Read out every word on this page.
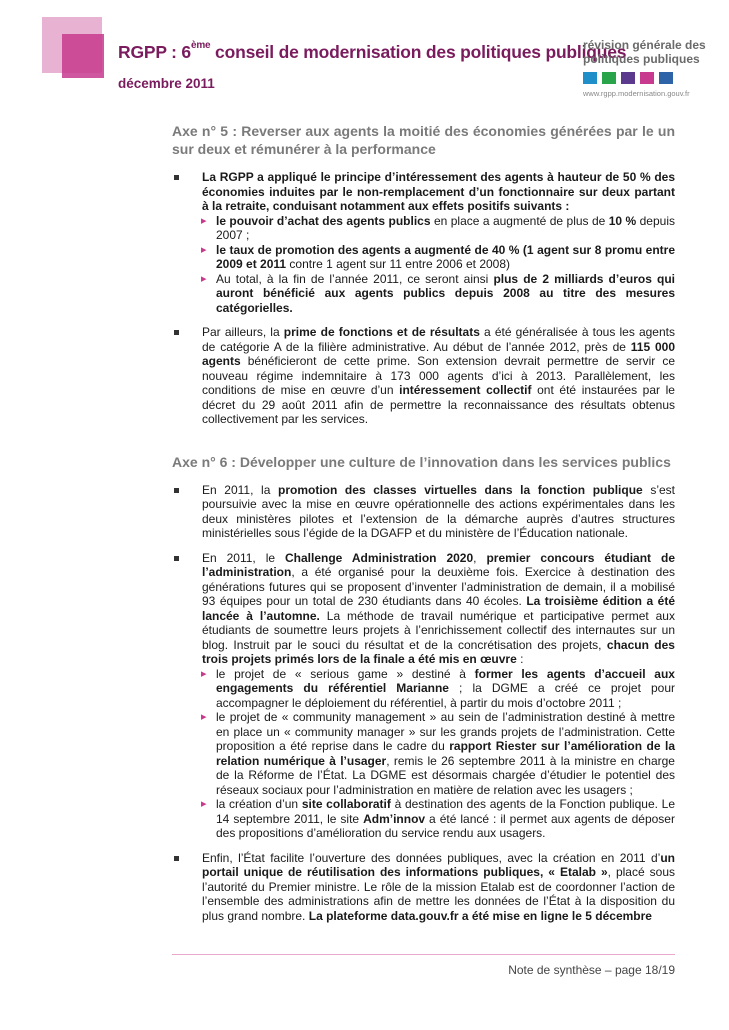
RGPP : 6ème conseil de modernisation des politiques publiques
décembre 2011
révision générale des
politiques publiques
www.rgpp.modernisation.gouv.fr
Axe n° 5 : Reverser aux agents la moitié des économies générées par le un sur deux et rémunérer à la performance
La RGPP a appliqué le principe d’intéressement des agents à hauteur de 50 % des économies induites par le non-remplacement d’un fonctionnaire sur deux partant à la retraite, conduisant notamment aux effets positifs suivants :
▸ le pouvoir d’achat des agents publics en place a augmenté de plus de 10 % depuis 2007 ;
▸ le taux de promotion des agents a augmenté de 40 % (1 agent sur 8 promu entre 2009 et 2011 contre 1 agent sur 11 entre 2006 et 2008)
▸ Au total, à la fin de l’année 2011, ce seront ainsi plus de 2 milliards d’euros qui auront bénéficié aux agents publics depuis 2008 au titre des mesures catégorielles.
Par ailleurs, la prime de fonctions et de résultats a été généralisée à tous les agents de catégorie A de la filière administrative. Au début de l’année 2012, près de 115 000 agents bénéficieront de cette prime. Son extension devrait permettre de servir ce nouveau régime indemnitaire à 173 000 agents d’ici à 2013. Parallèlement, les conditions de mise en œuvre d’un intéressement collectif ont été instaurées par le décret du 29 août 2011 afin de permettre la reconnaissance des résultats obtenus collectivement par les services.
Axe n° 6 : Développer une culture de l’innovation dans les services publics
En 2011, la promotion des classes virtuelles dans la fonction publique s’est poursuivie avec la mise en œuvre opérationnelle des actions expérimentales dans les deux ministères pilotes et l’extension de la démarche auprès d’autres structures ministérielles sous l’égide de la DGAFP et du ministère de l’Éducation nationale.
En 2011, le Challenge Administration 2020, premier concours étudiant de l’administration, a été organisé pour la deuxième fois. Exercice à destination des générations futures qui se proposent d’inventer l’administration de demain, il a mobilisé 93 équipes pour un total de 230 étudiants dans 40 écoles. La troisième édition a été lancée à l’automne. La méthode de travail numérique et participative permet aux étudiants de soumettre leurs projets à l’enrichissement collectif des internautes sur un blog. Instruit par le souci du résultat et de la concrétisation des projets, chacun des trois projets primés lors de la finale a été mis en œuvre :
▸ le projet de « serious game » destiné à former les agents d’accueil aux engagements du référentiel Marianne ; la DGME a créé ce projet pour accompagner le déploiement du référentiel, à partir du mois d’octobre 2011 ;
▸ le projet de « community management » au sein de l’administration destiné à mettre en place un « community manager » sur les grands projets de l’administration. Cette proposition a été reprise dans le cadre du rapport Riester sur l’amélioration de la relation numérique à l’usager, remis le 26 septembre 2011 à la ministre en charge de la Réforme de l’État. La DGME est désormais chargée d’étudier le potentiel des réseaux sociaux pour l’administration en matière de relation avec les usagers ;
▸ la création d’un site collaboratif à destination des agents de la Fonction publique. Le 14 septembre 2011, le site Adm’innov a été lancé : il permet aux agents de déposer des propositions d’amélioration du service rendu aux usagers.
Enfin, l’État facilite l’ouverture des données publiques, avec la création en 2011 d’un portail unique de réutilisation des informations publiques, « Etalab », placé sous l’autorité du Premier ministre. Le rôle de la mission Etalab est de coordonner l’action de l’ensemble des administrations afin de mettre les données de l’État à la disposition du plus grand nombre. La plateforme data.gouv.fr a été mise en ligne le 5 décembre
Note de synthèse – page 18/19
